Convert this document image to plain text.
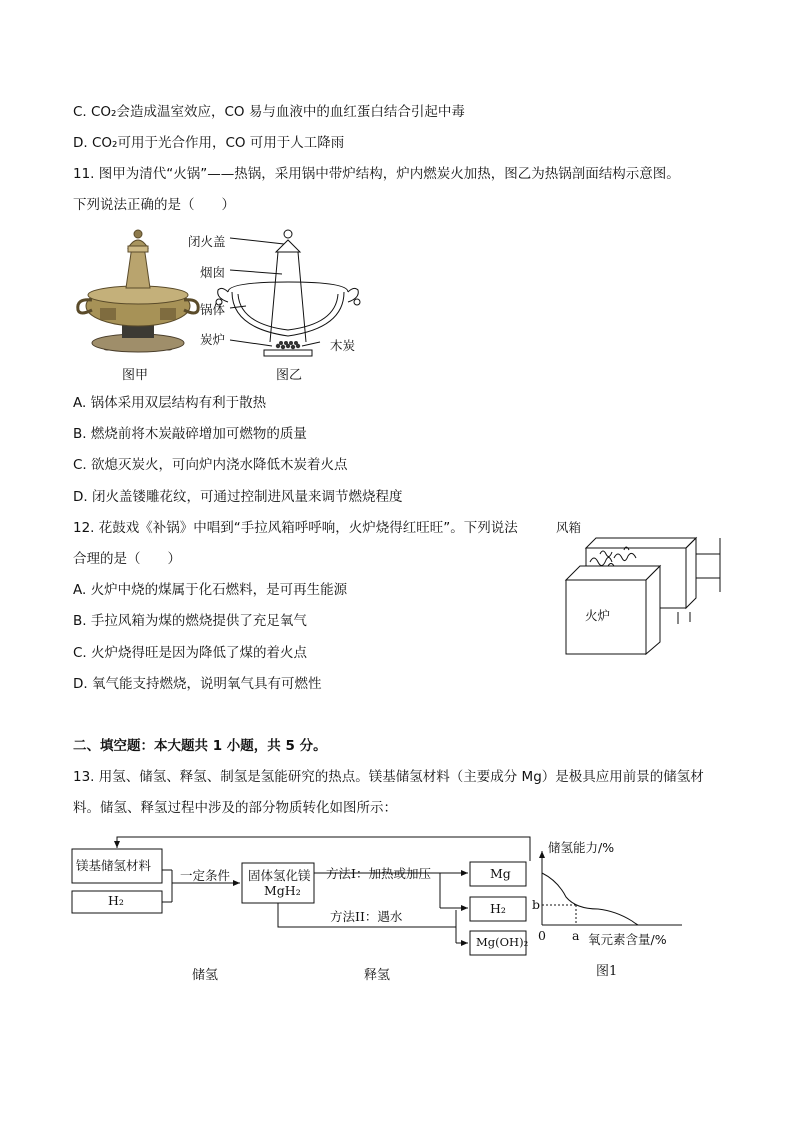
C. CO₂会造成温室效应，CO 易与血液中的血红蛋白结合引起中毒
D. CO₂可用于光合作用，CO 可用于人工降雨
11. 图甲为清代“火锅”——热锅，采用锅中带炉结构，炉内燃炭火加热，图乙为热锅剖面结构示意图。
下列说法正确的是（　　）
闭火盖
烟囱
锅体
炭炉	木炭
图甲	图乙
A. 锅体采用双层结构有利于散热
B. 燃烧前将木炭敲碎增加可燃物的质量
C. 欲熄灭炭火，可向炉内浇水降低木炭着火点
D. 闭火盖镂雕花纹，可通过控制进风量来调节燃烧程度
12. 花鼓戏《补锅》中唱到“手拉风箱呼呼响，火炉烧得红旺旺”。下列说法
合理的是（　　）
A. 火炉中烧的煤属于化石燃料，是可再生能源
B. 手拉风箱为煤的燃烧提供了充足氧气
C. 火炉烧得旺是因为降低了煤的着火点
D. 氧气能支持燃烧，说明氧气具有可燃性
风箱
火炉
二、填空题：本大题共 1 小题，共 5 分。
13. 用氢、储氢、释氢、制氢是氢能研究的热点。镁基储氢材料（主要成分 Mg）是极具应用前景的储氢材
料。储氢、释氢过程中涉及的部分物质转化如图所示：
镁基储氢材料
H₂
一定条件 固体氢化镁
MgH₂
方法I：加热或加压
方法II：遇水
Mg
H₂
Mg(OH)₂
储氢	释氢
储氢能力/%
氧元素含量/%
0 a
b
图1
